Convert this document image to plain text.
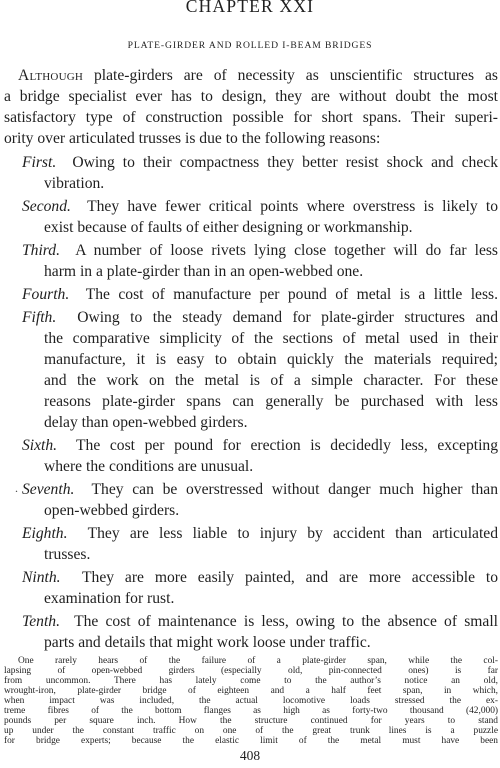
CHAPTER XXI
PLATE-GIRDER AND ROLLED I-BEAM BRIDGES
Although plate-girders are of necessity as unscientific structures as
a bridge specialist ever has to design, they are without doubt the most
satisfactory type of construction possible for short spans. Their superi-
ority over articulated trusses is due to the following reasons:
First. Owing to their compactness they better resist shock and check
vibration.
Second. They have fewer critical points where overstress is likely to
exist because of faults of either designing or workmanship.
Third. A number of loose rivets lying close together will do far less
harm in a plate-girder than in an open-webbed one.
Fourth. The cost of manufacture per pound of metal is a little less.
Fifth. Owing to the steady demand for plate-girder structures and
the comparative simplicity of the sections of metal used in their
manufacture, it is easy to obtain quickly the materials required;
and the work on the metal is of a simple character. For these
reasons plate-girder spans can generally be purchased with less
delay than open-webbed girders.
Sixth. The cost per pound for erection is decidedly less, excepting
where the conditions are unusual.
. Seventh. They can be overstressed without danger much higher than
open-webbed girders.
Eighth. They are less liable to injury by accident than articulated
trusses.
Ninth. They are more easily painted, and are more accessible to
examination for rust.
Tenth. The cost of maintenance is less, owing to the absence of small
parts and details that might work loose under traffic.
408
One rarely hears of the failure of a plate-girder span, while the col-
lapsing of open-webbed girders (especially old, pin-connected ones) is far
from uncommon. There has lately come to the author’s notice an old,
wrought-iron, plate-girder bridge of eighteen and a half feet span, in which,
when impact was included, the actual locomotive loads stressed the ex-
treme fibres of the bottom flanges as high as forty-two thousand (42,000)
pounds per square inch. How the structure continued for years to stand
up under the constant traffic on one of the great trunk lines is a puzzle
for bridge experts; because the elastic limit of the metal must have been
